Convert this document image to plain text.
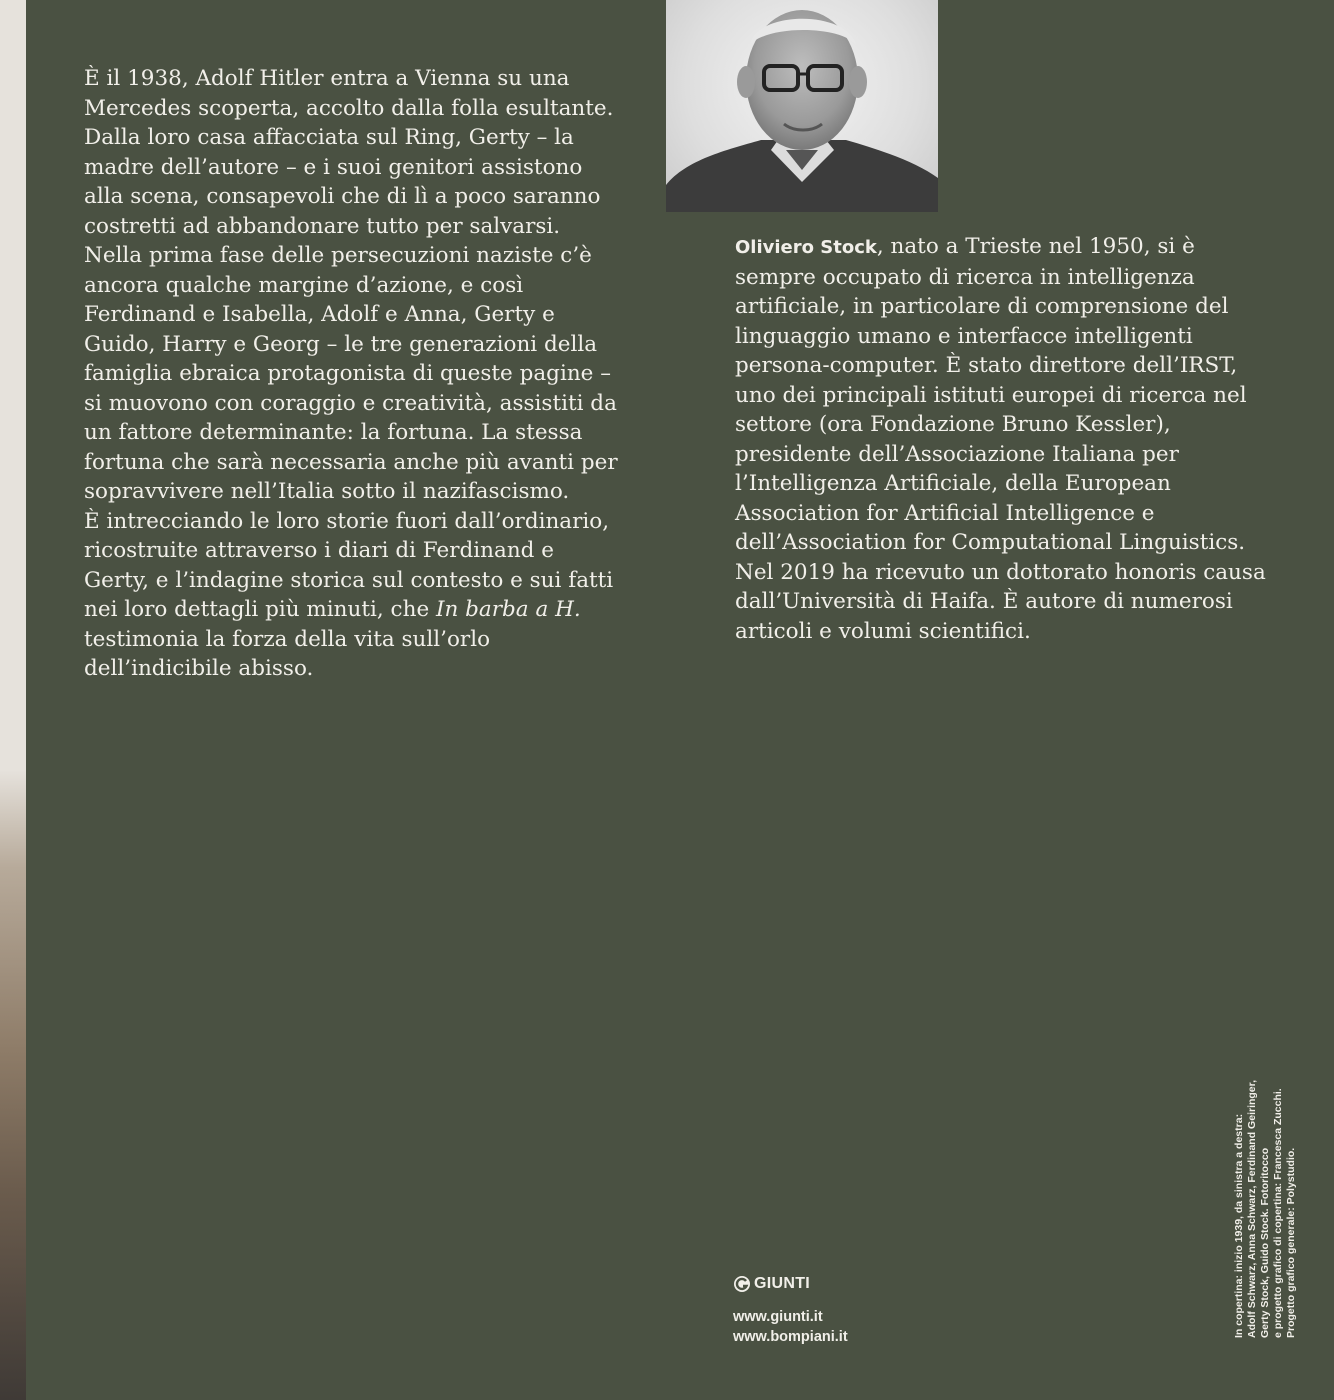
È il 1938, Adolf Hitler entra a Vienna su una Mercedes scoperta, accolto dalla folla esultante. Dalla loro casa affacciata sul Ring, Gerty – la madre dell’autore – e i suoi genitori assistono alla scena, consapevoli che di lì a poco saranno costretti ad abbandonare tutto per salvarsi.

Nella prima fase delle persecuzioni naziste c’è ancora qualche margine d’azione, e così Ferdinand e Isabella, Adolf e Anna, Gerty e Guido, Harry e Georg – le tre generazioni della famiglia ebraica protagonista di queste pagine – si muovono con coraggio e creatività, assistiti da un fattore determinante: la fortuna. La stessa fortuna che sarà necessaria anche più avanti per sopravvivere nell’Italia sotto il nazifascismo.

È intrecciando le loro storie fuori dall’ordinario, ricostruite attraverso i diari di Ferdinand e Gerty, e l’indagine storica sul contesto e sui fatti nei loro dettagli più minuti, che In barba a H. testimonia la forza della vita sull’orlo dell’indicibile abisso.

Oliviero Stock, nato a Trieste nel 1950, si è sempre occupato di ricerca in intelligenza artificiale, in particolare di comprensione del linguaggio umano e interfacce intelligenti persona-computer. È stato direttore dell’IRST, uno dei principali istituti europei di ricerca nel settore (ora Fondazione Bruno Kessler), presidente dell’Associazione Italiana per l’Intelligenza Artificiale, della European Association for Artificial Intelligence e dell’Association for Computational Linguistics. Nel 2019 ha ricevuto un dottorato honoris causa dall’Università di Haifa. È autore di numerosi articoli e volumi scientifici.
GIUNTI
www.giunti.it
www.bompiani.it	In copertina: inizio 1939, da sinistra a destra: Adolf Schwarz, Anna Schwarz, Ferdinand Geiringer, Gerty Stock, Guido Stock. Fotoritocco e progetto grafico di copertina: Francesca Zucchi. Progetto grafico generale: Polystudio.
